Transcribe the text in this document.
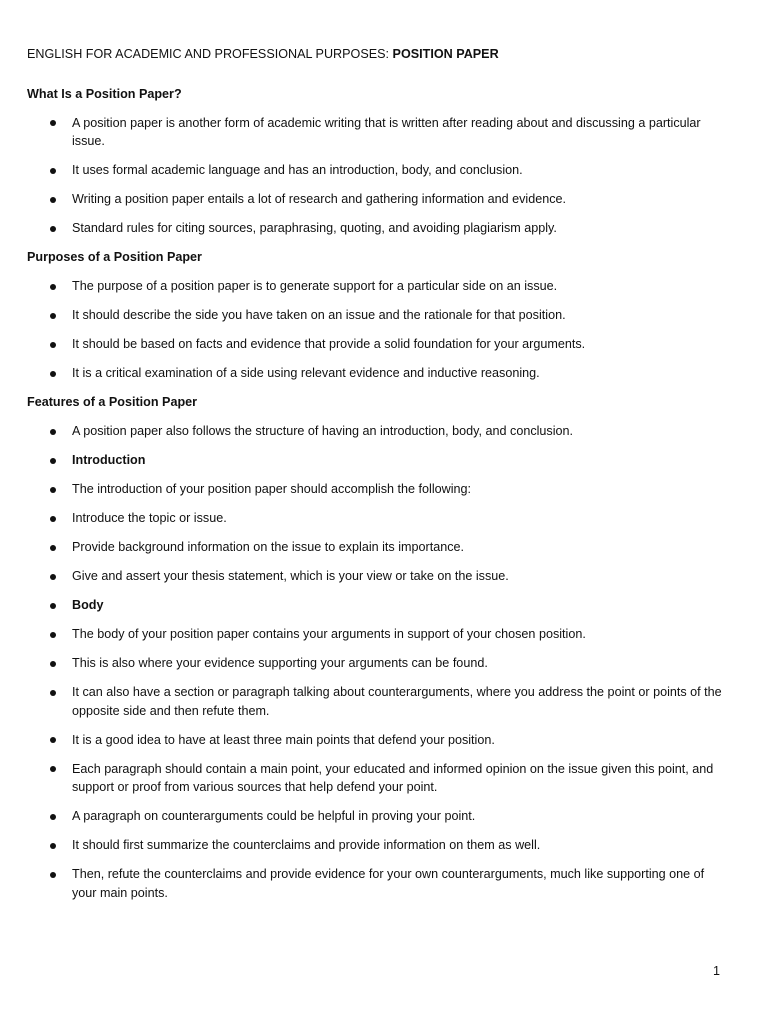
ENGLISH FOR ACADEMIC AND PROFESSIONAL PURPOSES: POSITION PAPER

What Is a Position Paper?

A position paper is another form of academic writing that is written after reading about and discussing a particular issue.
It uses formal academic language and has an introduction, body, and conclusion.
Writing a position paper entails a lot of research and gathering information and evidence.
Standard rules for citing sources, paraphrasing, quoting, and avoiding plagiarism apply.

Purposes of a Position Paper

The purpose of a position paper is to generate support for a particular side on an issue.
It should describe the side you have taken on an issue and the rationale for that position.
It should be based on facts and evidence that provide a solid foundation for your arguments.
It is a critical examination of a side using relevant evidence and inductive reasoning.

Features of a Position Paper

A position paper also follows the structure of having an introduction, body, and conclusion.
Introduction
The introduction of your position paper should accomplish the following:
Introduce the topic or issue.
Provide background information on the issue to explain its importance.
Give and assert your thesis statement, which is your view or take on the issue.
Body
The body of your position paper contains your arguments in support of your chosen position.
This is also where your evidence supporting your arguments can be found.
It can also have a section or paragraph talking about counterarguments, where you address the point or points of the opposite side and then refute them.
It is a good idea to have at least three main points that defend your position.
Each paragraph should contain a main point, your educated and informed opinion on the issue given this point, and support or proof from various sources that help defend your point.
A paragraph on counterarguments could be helpful in proving your point.
It should first summarize the counterclaims and provide information on them as well.
Then, refute the counterclaims and provide evidence for your own counterarguments, much like supporting one of your main points.
1
